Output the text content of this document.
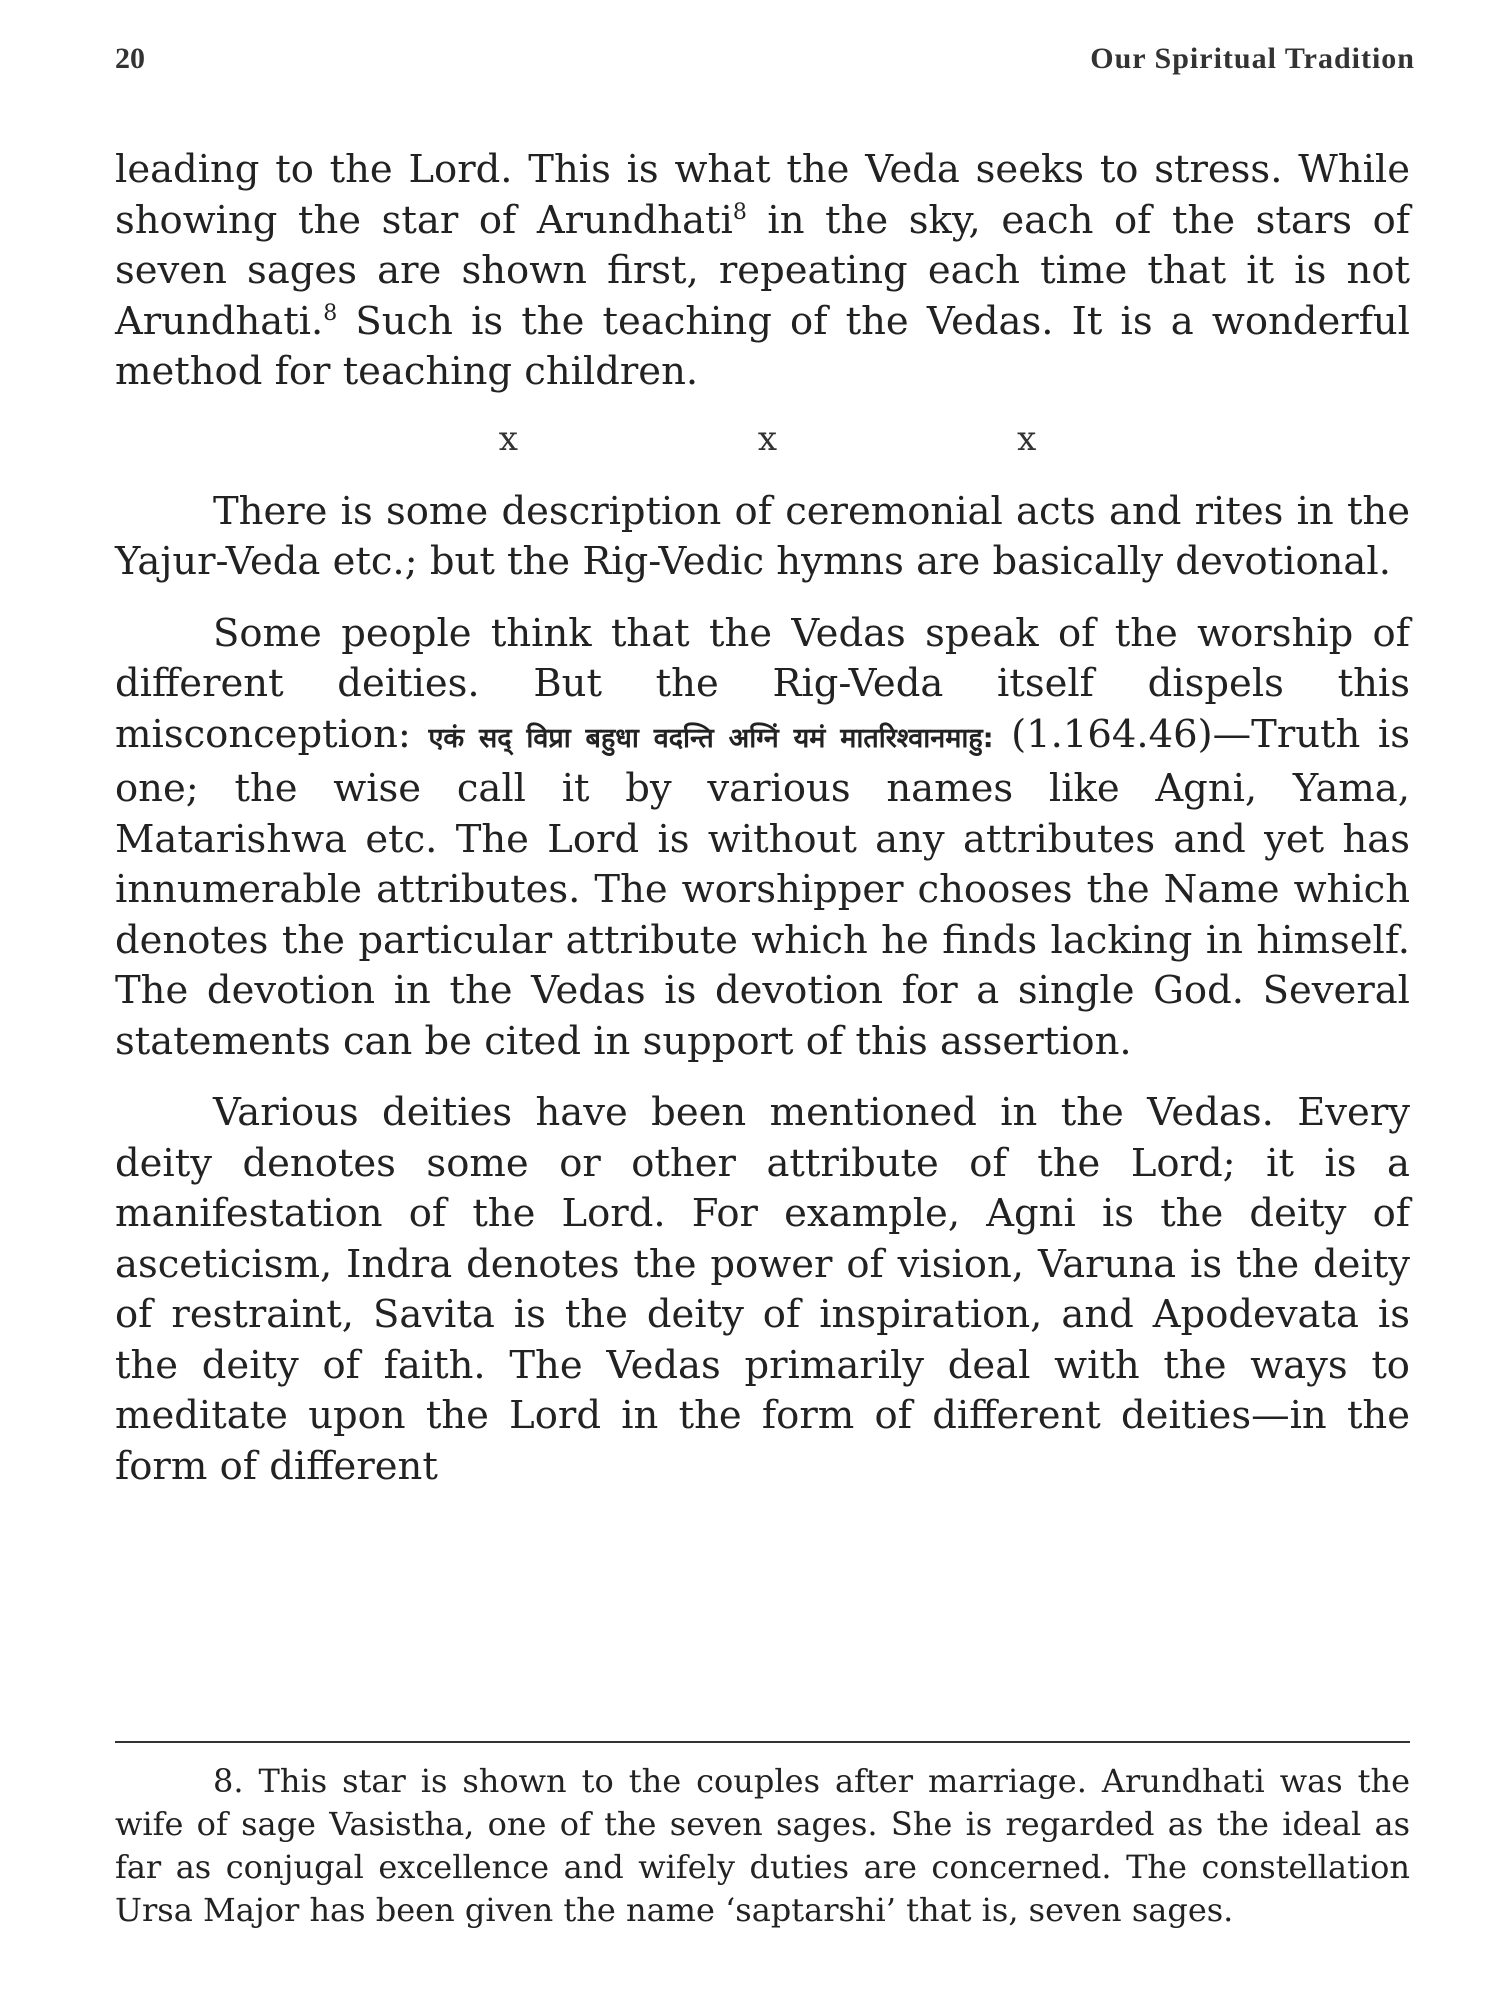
20	Our Spiritual Tradition

leading to the Lord. This is what the Veda seeks to stress. While showing the star of Arundhati$^8$ in the sky, each of the stars of seven sages are shown first, repeating each time that it is not Arundhati.$^8$ Such is the teaching of the Vedas. It is a wonderful method for teaching children.

x	x	x

There is some description of ceremonial acts and rites in the Yajur-Veda etc.; but the Rig-Vedic hymns are basically devotional.

Some people think that the Vedas speak of the worship of different deities. But the Rig-Veda itself dispels this misconception: एकं सद् विप्रा बहुधा वदन्ति अग्निं यमं मातरिश्वानमाहु: (1.164.46)—Truth is one; the wise call it by various names like Agni, Yama, Matarishwa etc. The Lord is without any attributes and yet has innumerable attributes. The worshipper chooses the Name which denotes the particular attribute which he finds lacking in himself. The devotion in the Vedas is devotion for a single God. Several statements can be cited in support of this assertion.

Various deities have been mentioned in the Vedas. Every deity denotes some or other attribute of the Lord; it is a manifestation of the Lord. For example, Agni is the deity of asceticism, Indra denotes the power of vision, Varuna is the deity of restraint, Savita is the deity of inspiration, and Apodevata is the deity of faith. The Vedas primarily deal with the ways to meditate upon the Lord in the form of different deities—in the form of different

8. This star is shown to the couples after marriage. Arundhati was the wife of sage Vasistha, one of the seven sages. She is regarded as the ideal as far as conjugal excellence and wifely duties are concerned. The constellation Ursa Major has been given the name ‘saptarshi’ that is, seven sages.
